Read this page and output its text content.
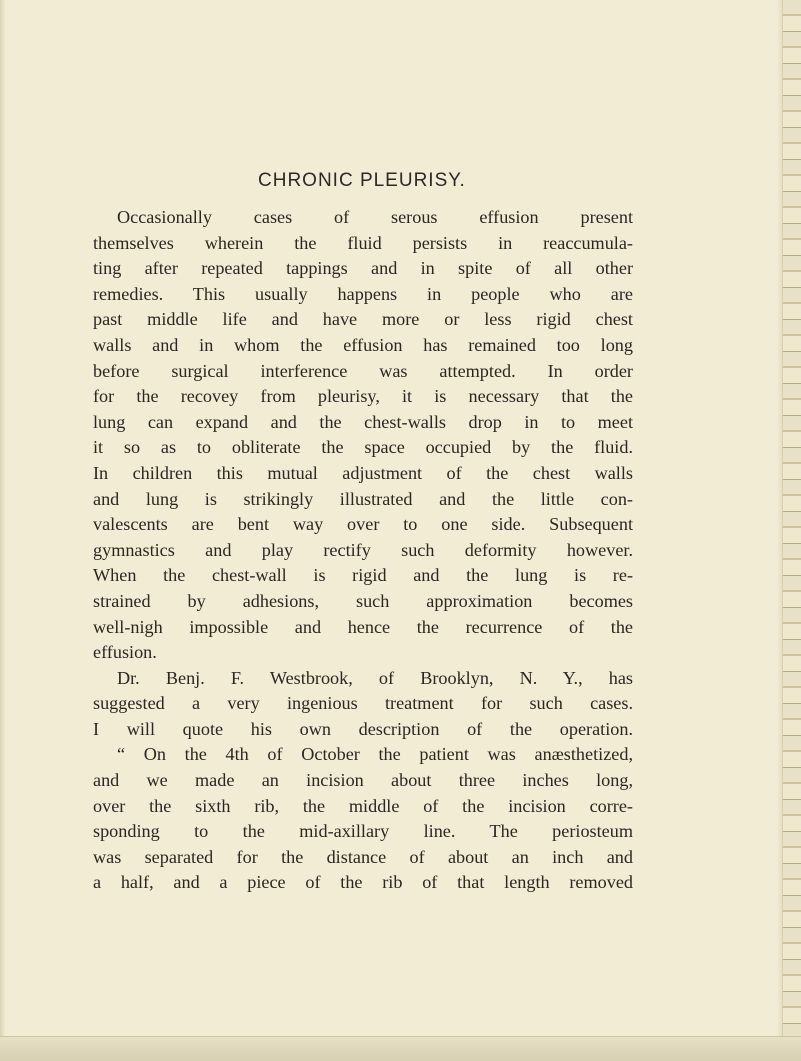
CHRONIC PLEURISY.
Occasionally cases of serous effusion present
themselves wherein the fluid persists in reaccumula-
ting after repeated tappings and in spite of all other
remedies. This usually happens in people who are
past middle life and have more or less rigid chest
walls and in whom the effusion has remained too long
before surgical interference was attempted. In order
for the recovey from pleurisy, it is necessary that the
lung can expand and the chest-walls drop in to meet
it so as to obliterate the space occupied by the fluid.
In children this mutual adjustment of the chest walls
and lung is strikingly illustrated and the little con-
valescents are bent way over to one side. Subsequent
gymnastics and play rectify such deformity however.
When the chest-wall is rigid and the lung is re-
strained by adhesions, such approximation becomes
well-nigh impossible and hence the recurrence of the
effusion.
Dr. Benj. F. Westbrook, of Brooklyn, N. Y., has
suggested a very ingenious treatment for such cases.
I will quote his own description of the operation.
“ On the 4th of October the patient was anæsthetized,
and we made an incision about three inches long,
over the sixth rib, the middle of the incision corre-
sponding to the mid-axillary line. The periosteum
was separated for the distance of about an inch and
a half, and a piece of the rib of that length removed
